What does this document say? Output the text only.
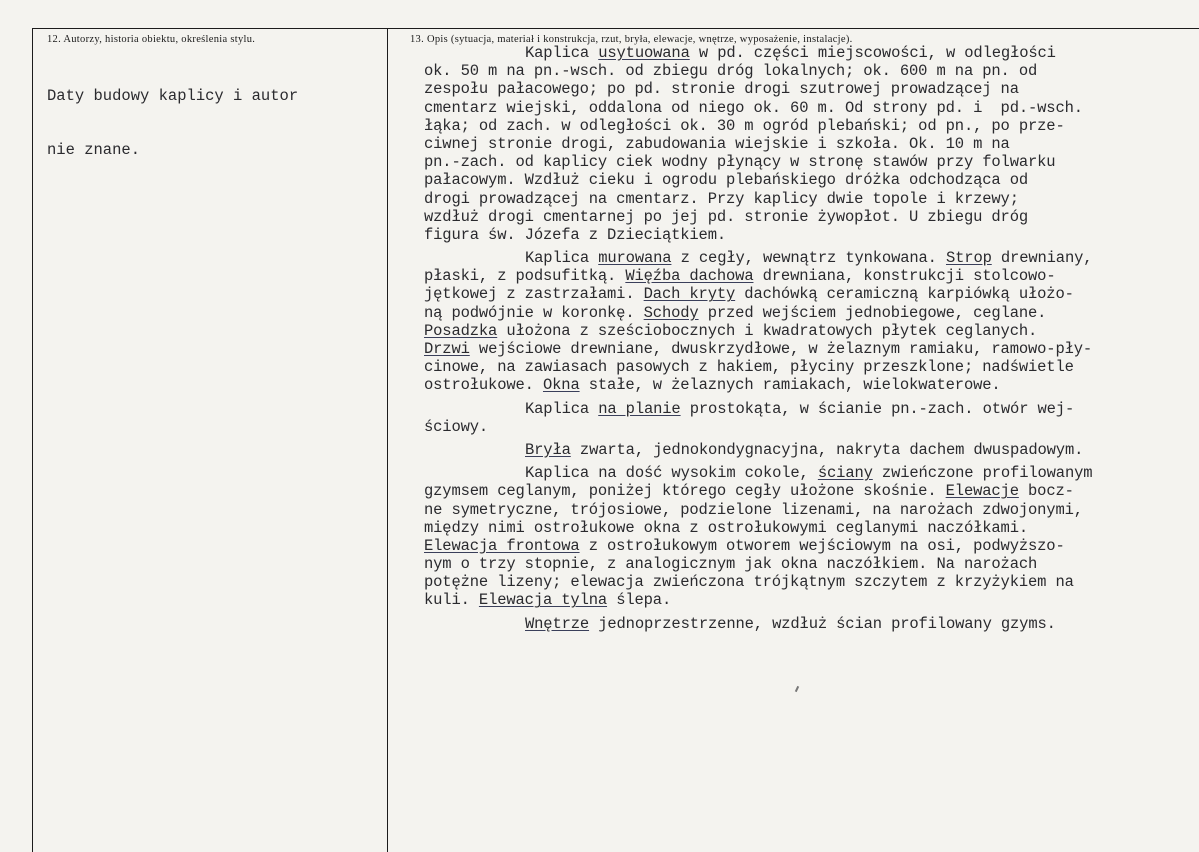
12. Autorzy, historia obiektu, określenia stylu.

Daty budowy kaplicy i autor

nie znane.

13. Opis (sytuacja, materiał i konstrukcja, rzut, bryła, elewacje, wnętrze, wyposażenie, instalacje).
Kaplica usytuowana w pd. części miejscowości, w odległości
ok. 50 m na pn.-wsch. od zbiegu dróg lokalnych; ok. 600 m na pn. od
zespołu pałacowego; po pd. stronie drogi szutrowej prowadzącej na
cmentarz wiejski, oddalona od niego ok. 60 m. Od strony pd. i  pd.-wsch.
łąka; od zach. w odległości ok. 30 m ogród plebański; od pn., po prze-
ciwnej stronie drogi, zabudowania wiejskie i szkoła. Ok. 10 m na
pn.-zach. od kaplicy ciek wodny płynący w stronę stawów przy folwarku
pałacowym. Wzdłuż cieku i ogrodu plebańskiego dróżka odchodząca od
drogi prowadzącej na cmentarz. Przy kaplicy dwie topole i krzewy;
wzdłuż drogi cmentarnej po jej pd. stronie żywopłot. U zbiegu dróg
figura św. Józefa z Dzieciątkiem.
Kaplica murowana z cegły, wewnątrz tynkowana. Strop drewniany,
płaski, z podsufitką. Więźba dachowa drewniana, konstrukcji stolcowo-
jętkowej z zastrzałami. Dach kryty dachówką ceramiczną karpiówką ułożo-
ną podwójnie w koronkę. Schody przed wejściem jednobiegowe, ceglane.
Posadzka ułożona z sześciobocznych i kwadratowych płytek ceglanych.
Drzwi wejściowe drewniane, dwuskrzydłowe, w żelaznym ramiaku, ramowo-pły-
cinowe, na zawiasach pasowych z hakiem, płyciny przeszklone; nadświetle
ostrołukowe. Okna stałe, w żelaznych ramiakach, wielokwaterowe.
Kaplica na planie prostokąta, w ścianie pn.-zach. otwór wej-
ściowy.
Bryła zwarta, jednokondygnacyjna, nakryta dachem dwuspadowym.
Kaplica na dość wysokim cokole, ściany zwieńczone profilowanym
gzymsem ceglanym, poniżej którego cegły ułożone skośnie. Elewacje bocz-
ne symetryczne, trójosiowe, podzielone lizenami, na narożach zdwojonymi,
między nimi ostrołukowe okna z ostrołukowymi ceglanymi naczółkami.
Elewacja frontowa z ostrołukowym otworem wejściowym na osi, podwyższo-
nym o trzy stopnie, z analogicznym jak okna naczółkiem. Na narożach
potężne lizeny; elewacja zwieńczona trójkątnym szczytem z krzyżykiem na
kuli. Elewacja tylna ślepa.
Wnętrze jednoprzestrzenne, wzdłuż ścian profilowany gzyms.
